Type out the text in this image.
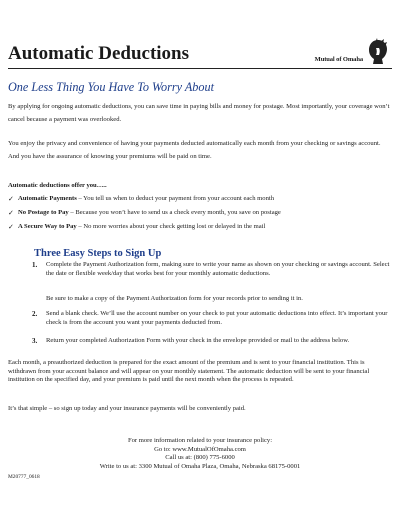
Automatic Deductions	Mutual of Omaha
One Less Thing You Have To Worry About
By applying for ongoing automatic deductions, you can save time in paying bills and money for postage. Most importantly, your coverage won’t cancel because a payment was overlooked.
You enjoy the privacy and convenience of having your payments deducted automatically each month from your checking or savings account. And you have the assurance of knowing your premiums will be paid on time.
Automatic deductions offer you…..
✓ Automatic Payments – You tell us when to deduct your payment from your account each month
✓ No Postage to Pay – Because you won’t have to send us a check every month, you save on postage
✓ A Secure Way to Pay – No more worries about your check getting lost or delayed in the mail
Three Easy Steps to Sign Up
1. Complete the Payment Authorization form, making sure to write your name as shown on your checking or savings account. Select the date or flexible week/day that works best for your monthly automatic deductions.
Be sure to make a copy of the Payment Authorization form for your records prior to sending it in.
2. Send a blank check. We’ll use the account number on your check to put your automatic deductions into effect. It’s important your check is from the account you want your payments deducted from.
3. Return your completed Authorization Form with your check in the envelope provided or mail to the address below.
Each month, a preauthorized deduction is prepared for the exact amount of the premium and is sent to your financial institution. This is withdrawn from your account balance and will appear on your monthly statement. The automatic deduction will be sent to your financial institution on the specified day, and your premium is paid until the next month when the process is repeated.
It’s that simple – so sign up today and your insurance payments will be conveniently paid.
For more information related to your insurance policy:
Go to: www.MutualOfOmaha.com
Call us at: (800) 775-6000
Write to us at: 3300 Mutual of Omaha Plaza, Omaha, Nebraska 68175-0001
M20777_0618
